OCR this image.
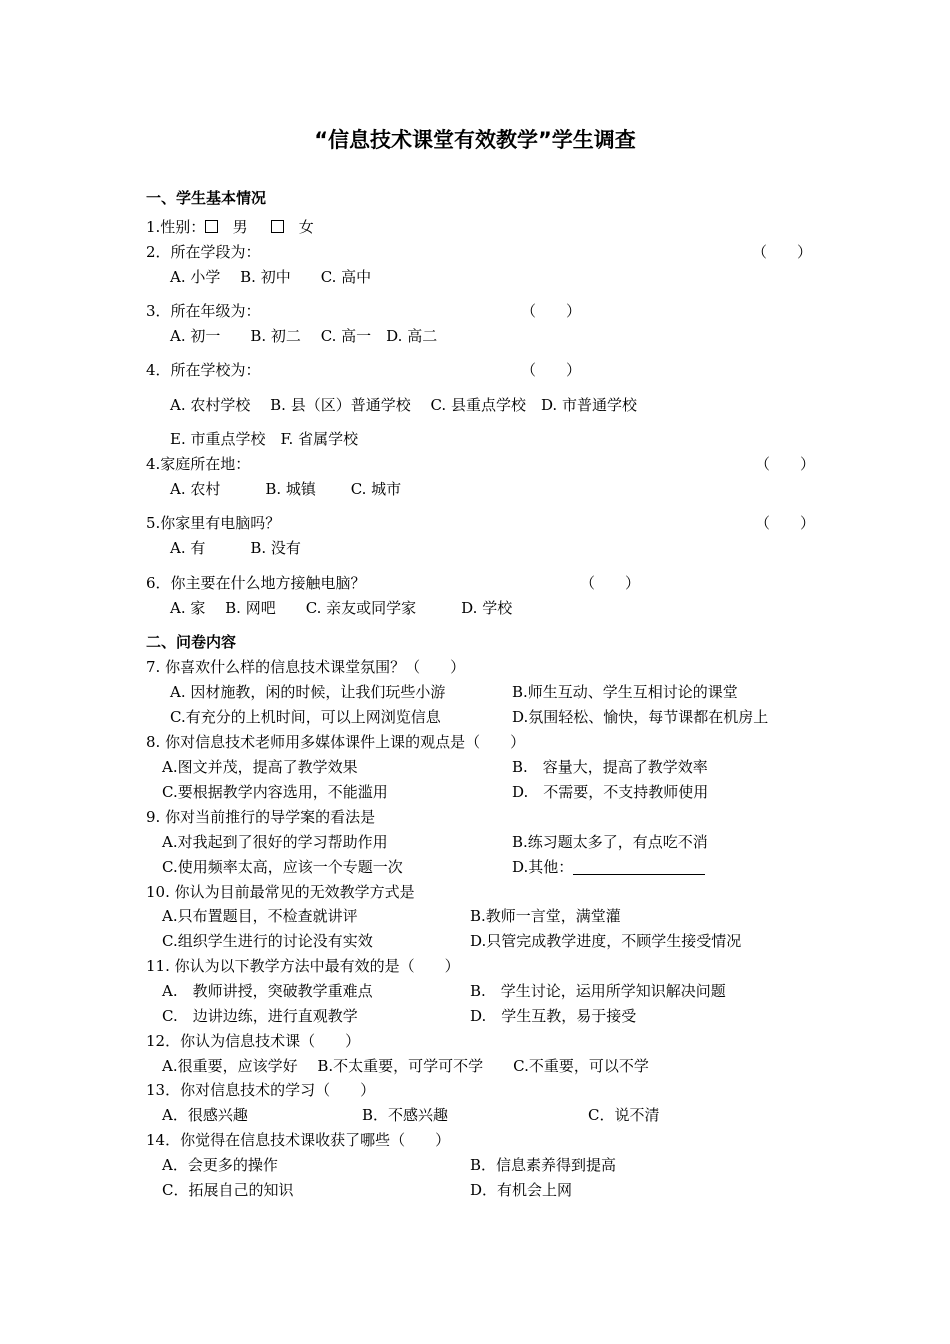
“信息技术课堂有效教学”学生调查
一、学生基本情况
1.性别： 男	女
2．所在学段为：	（　　）
A. 小学　 B. 初中　　C. 高中
3．所在年级为：	（　　）
A. 初一　　B. 初二　 C. 高一　D. 高二
4．所在学校为：	（　　）
A. 农村学校　 B. 县（区）普通学校　 C. 县重点学校　D. 市普通学校
E. 市重点学校　F. 省属学校
4.家庭所在地：	（　　）
A. 农村　　　B. 城镇　　 C. 城市
5.你家里有电脑吗？	（　　）
A. 有　　　B. 没有
6．你主要在什么地方接触电脑？	（　　）
A. 家　 B. 网吧　　C. 亲友或同学家　　　D. 学校
二、问卷内容
7. 你喜欢什么样的信息技术课堂氛围？（　　）
A. 因材施教，闲的时候，让我们玩些小游	B.师生互动、学生互相讨论的课堂
C.有充分的上机时间，可以上网浏览信息	D.氛围轻松、愉快，每节课都在机房上
8. 你对信息技术老师用多媒体课件上课的观点是（　　）
A.图文并茂，提高了教学效果	B.　容量大，提高了教学效率
C.要根据教学内容选用，不能滥用	D.　不需要，不支持教师使用
9. 你对当前推行的导学案的看法是
A.对我起到了很好的学习帮助作用	B.练习题太多了，有点吃不消
C.使用频率太高，应该一个专题一次	D.其他：
10. 你认为目前最常见的无效教学方式是
A.只布置题目，不检查就讲评	B.教师一言堂，满堂灌
C.组织学生进行的讨论没有实效	D.只管完成教学进度，不顾学生接受情况
11. 你认为以下教学方法中最有效的是（　　）
A.　教师讲授，突破教学重难点	B.　学生讨论，运用所学知识解决问题
C.　边讲边练，进行直观教学	D.　学生互教，易于接受
12．你认为信息技术课（　　）
A.很重要，应该学好　 B.不太重要，可学可不学　　C.不重要，可以不学
13．你对信息技术的学习（　　）
A．很感兴趣	B．不感兴趣	C．说不清
14．你觉得在信息技术课收获了哪些（　　）
A．会更多的操作	B．信息素养得到提高
C．拓展自己的知识	D．有机会上网
